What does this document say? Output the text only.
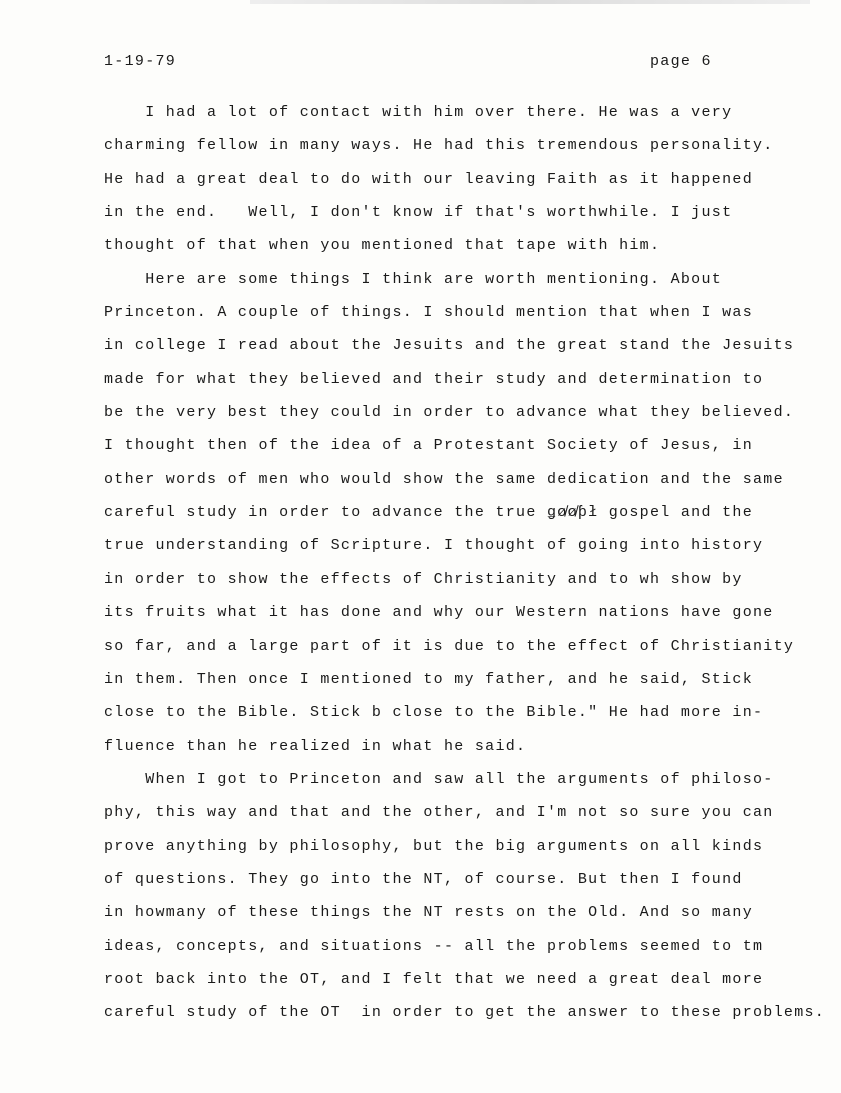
1-19-79	page 6
I had a lot of contact with him over there. He was a very
charming fellow in many ways. He had this tremendous personality.
He had a great deal to do with our leaving Faith as it happened
in the end.   Well, I don't know if that's worthwhile. I just
thought of that when you mentioned that tape with him.
Here are some things I think are worth mentioning. About
Princeton. A couple of things. I should mention that when I was
in college I read about the Jesuits and the great stand the Jesuits
made for what they believed and their study and determination to
be the very best they could in order to advance what they believed.
I thought then of the idea of a Protestant Society of Jesus, in
other words of men who would show the same dedication and the same
careful study in order to advance the true ǥø̸ø̸ƥł gospel and the
true understanding of Scripture. I thought of going into history
in order to show the effects of Christianity and to wh show by
its fruits what it has done and why our Western nations have gone
so far, and a large part of it is due to the effect of Christianity
in them. Then once I mentioned to my father, and he said, Stick
close to the Bible. Stick b close to the Bible." He had more in-
fluence than he realized in what he said.
When I got to Princeton and saw all the arguments of philoso-
phy, this way and that and the other, and I'm not so sure you can
prove anything by philosophy, but the big arguments on all kinds
of questions. They go into the NT, of course. But then I found
in howmany of these things the NT rests on the Old. And so many
ideas, concepts, and situations -- all the problems seemed to tm
root back into the OT, and I felt that we need a great deal more
careful study of the OT  in order to get the answer to these problems.
